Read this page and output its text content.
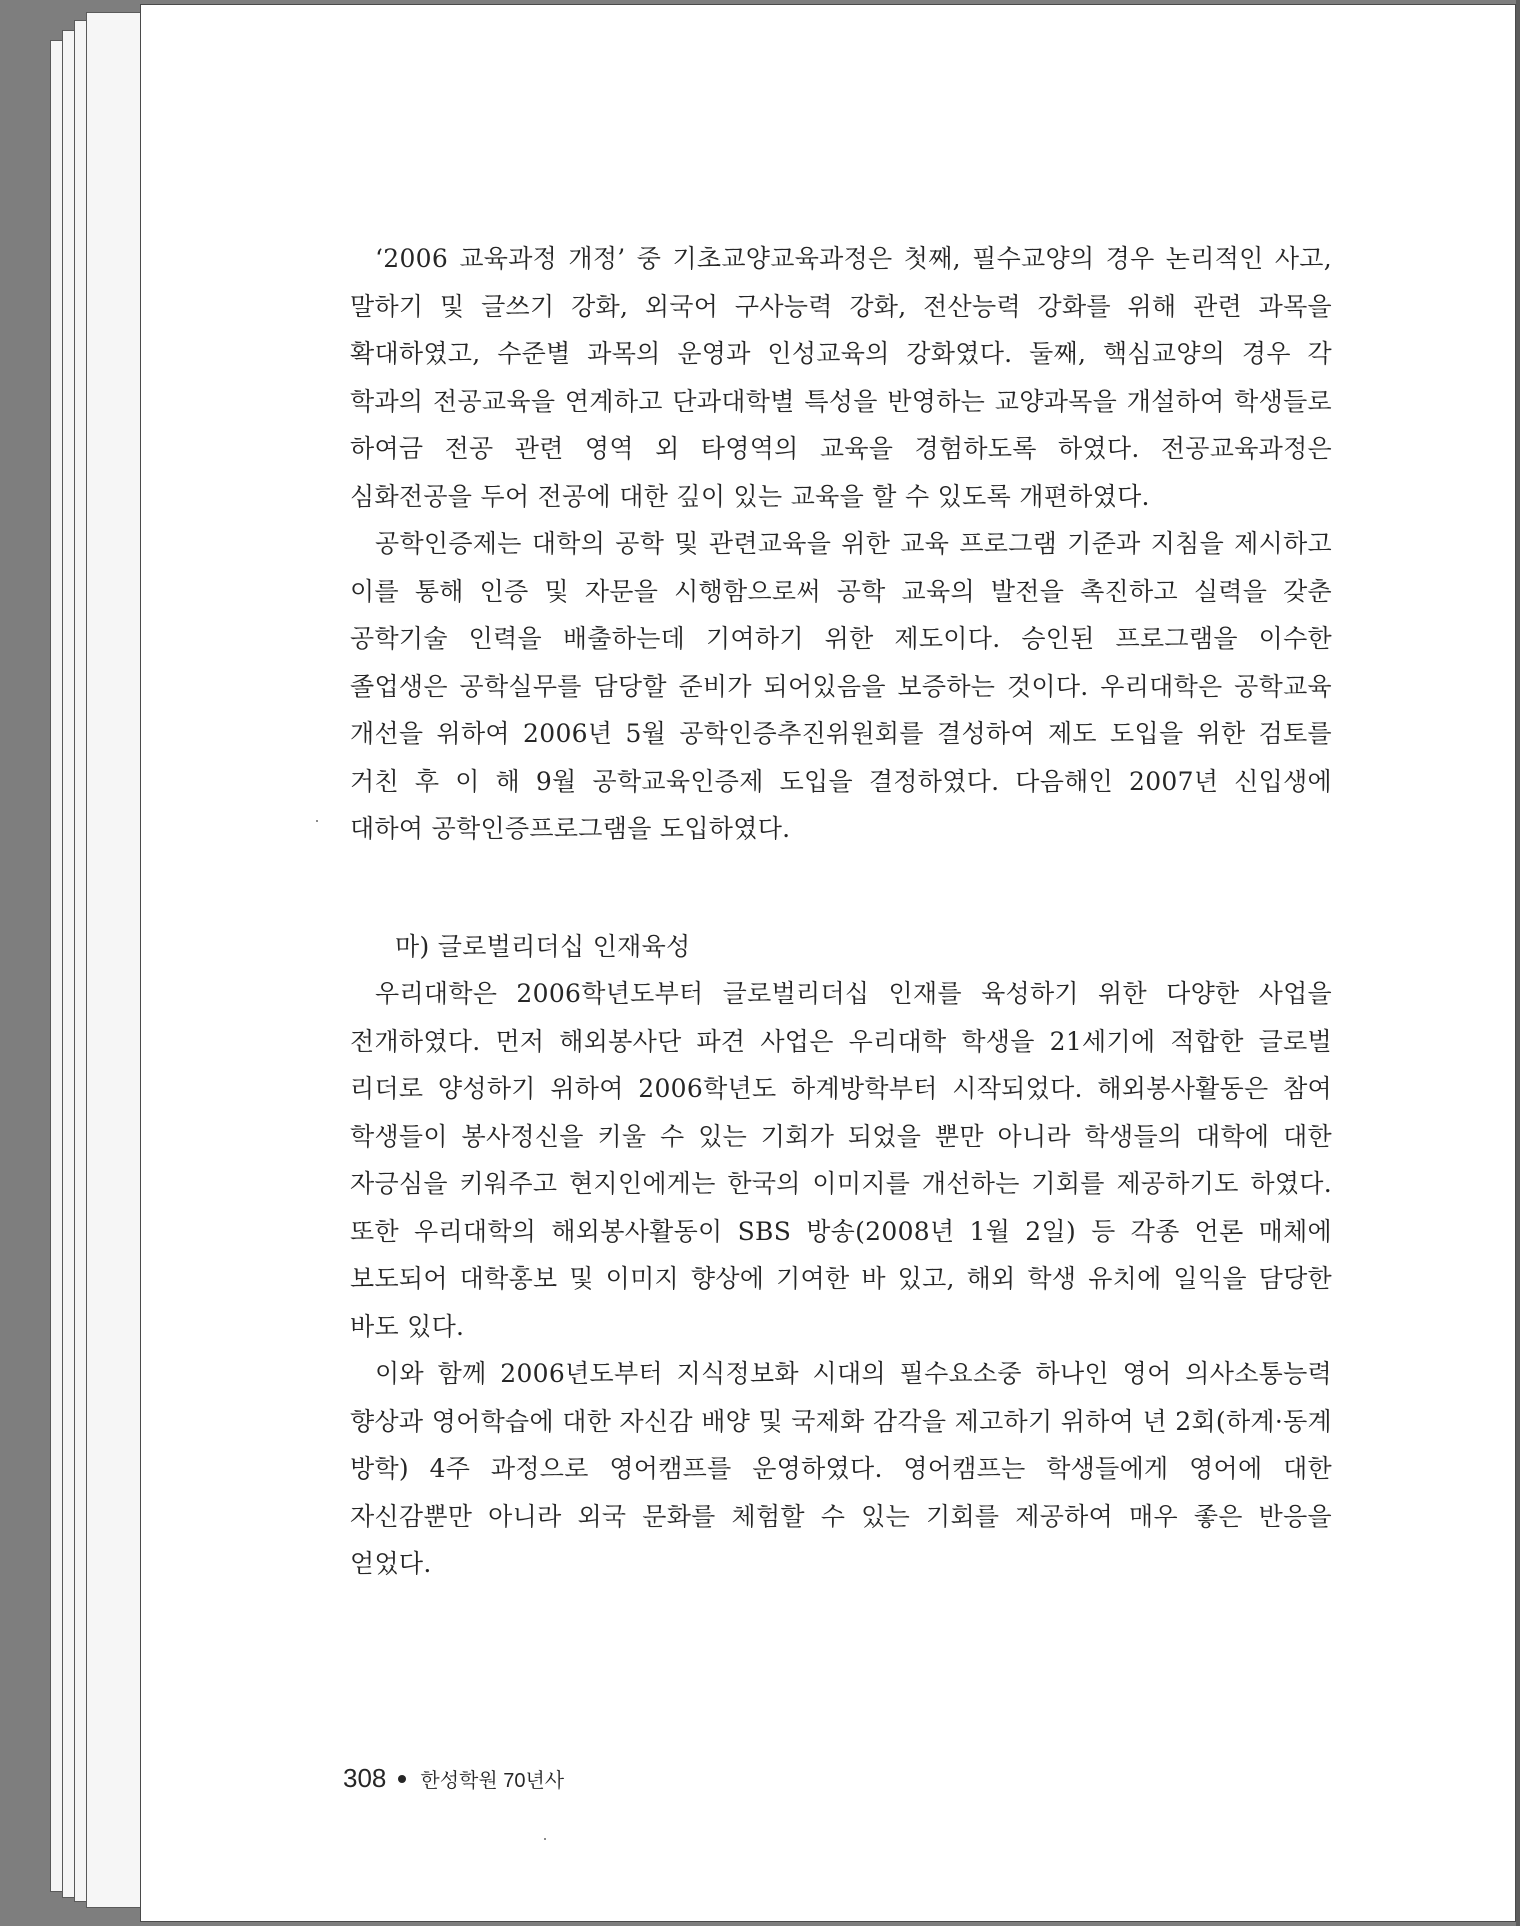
‘2006 교육과정 개정’ 중 기초교양교육과정은 첫째, 필수교양의 경우 논리적인 사고, 말하기 및 글쓰기 강화, 외국어 구사능력 강화, 전산능력 강화를 위해 관련 과목을 확대하였고, 수준별 과목의 운영과 인성교육의 강화였다. 둘째, 핵심교양의 경우 각 학과의 전공교육을 연계하고 단과대학별 특성을 반영하는 교양과목을 개설하여 학생들로 하여금 전공 관련 영역 외 타영역의 교육을 경험하도록 하였다. 전공교육과정은 심화전공을 두어 전공에 대한 깊이 있는 교육을 할 수 있도록 개편하였다.

공학인증제는 대학의 공학 및 관련교육을 위한 교육 프로그램 기준과 지침을 제시하고 이를 통해 인증 및 자문을 시행함으로써 공학 교육의 발전을 촉진하고 실력을 갖춘 공학기술 인력을 배출하는데 기여하기 위한 제도이다. 승인된 프로그램을 이수한 졸업생은 공학실무를 담당할 준비가 되어있음을 보증하는 것이다. 우리대학은 공학교육 개선을 위하여 2006년 5월 공학인증추진위원회를 결성하여 제도 도입을 위한 검토를 거친 후 이 해 9월 공학교육인증제 도입을 결정하였다. 다음해인 2007년 신입생에 대하여 공학인증프로그램을 도입하였다.

마) 글로벌리더십 인재육성

우리대학은 2006학년도부터 글로벌리더십 인재를 육성하기 위한 다양한 사업을 전개하였다. 먼저 해외봉사단 파견 사업은 우리대학 학생을 21세기에 적합한 글로벌 리더로 양성하기 위하여 2006학년도 하계방학부터 시작되었다. 해외봉사활동은 참여 학생들이 봉사정신을 키울 수 있는 기회가 되었을 뿐만 아니라 학생들의 대학에 대한 자긍심을 키워주고 현지인에게는 한국의 이미지를 개선하는 기회를 제공하기도 하였다. 또한 우리대학의 해외봉사활동이 SBS 방송(2008년 1월 2일) 등 각종 언론 매체에 보도되어 대학홍보 및 이미지 향상에 기여한 바 있고, 해외 학생 유치에 일익을 담당한 바도 있다.

이와 함께 2006년도부터 지식정보화 시대의 필수요소중 하나인 영어 의사소통능력 향상과 영어학습에 대한 자신감 배양 및 국제화 감각을 제고하기 위하여 년 2회(하계·동계 방학) 4주 과정으로 영어캠프를 운영하였다. 영어캠프는 학생들에게 영어에 대한 자신감뿐만 아니라 외국 문화를 체험할 수 있는 기회를 제공하여 매우 좋은 반응을 얻었다.

308 한성학원 70년사
